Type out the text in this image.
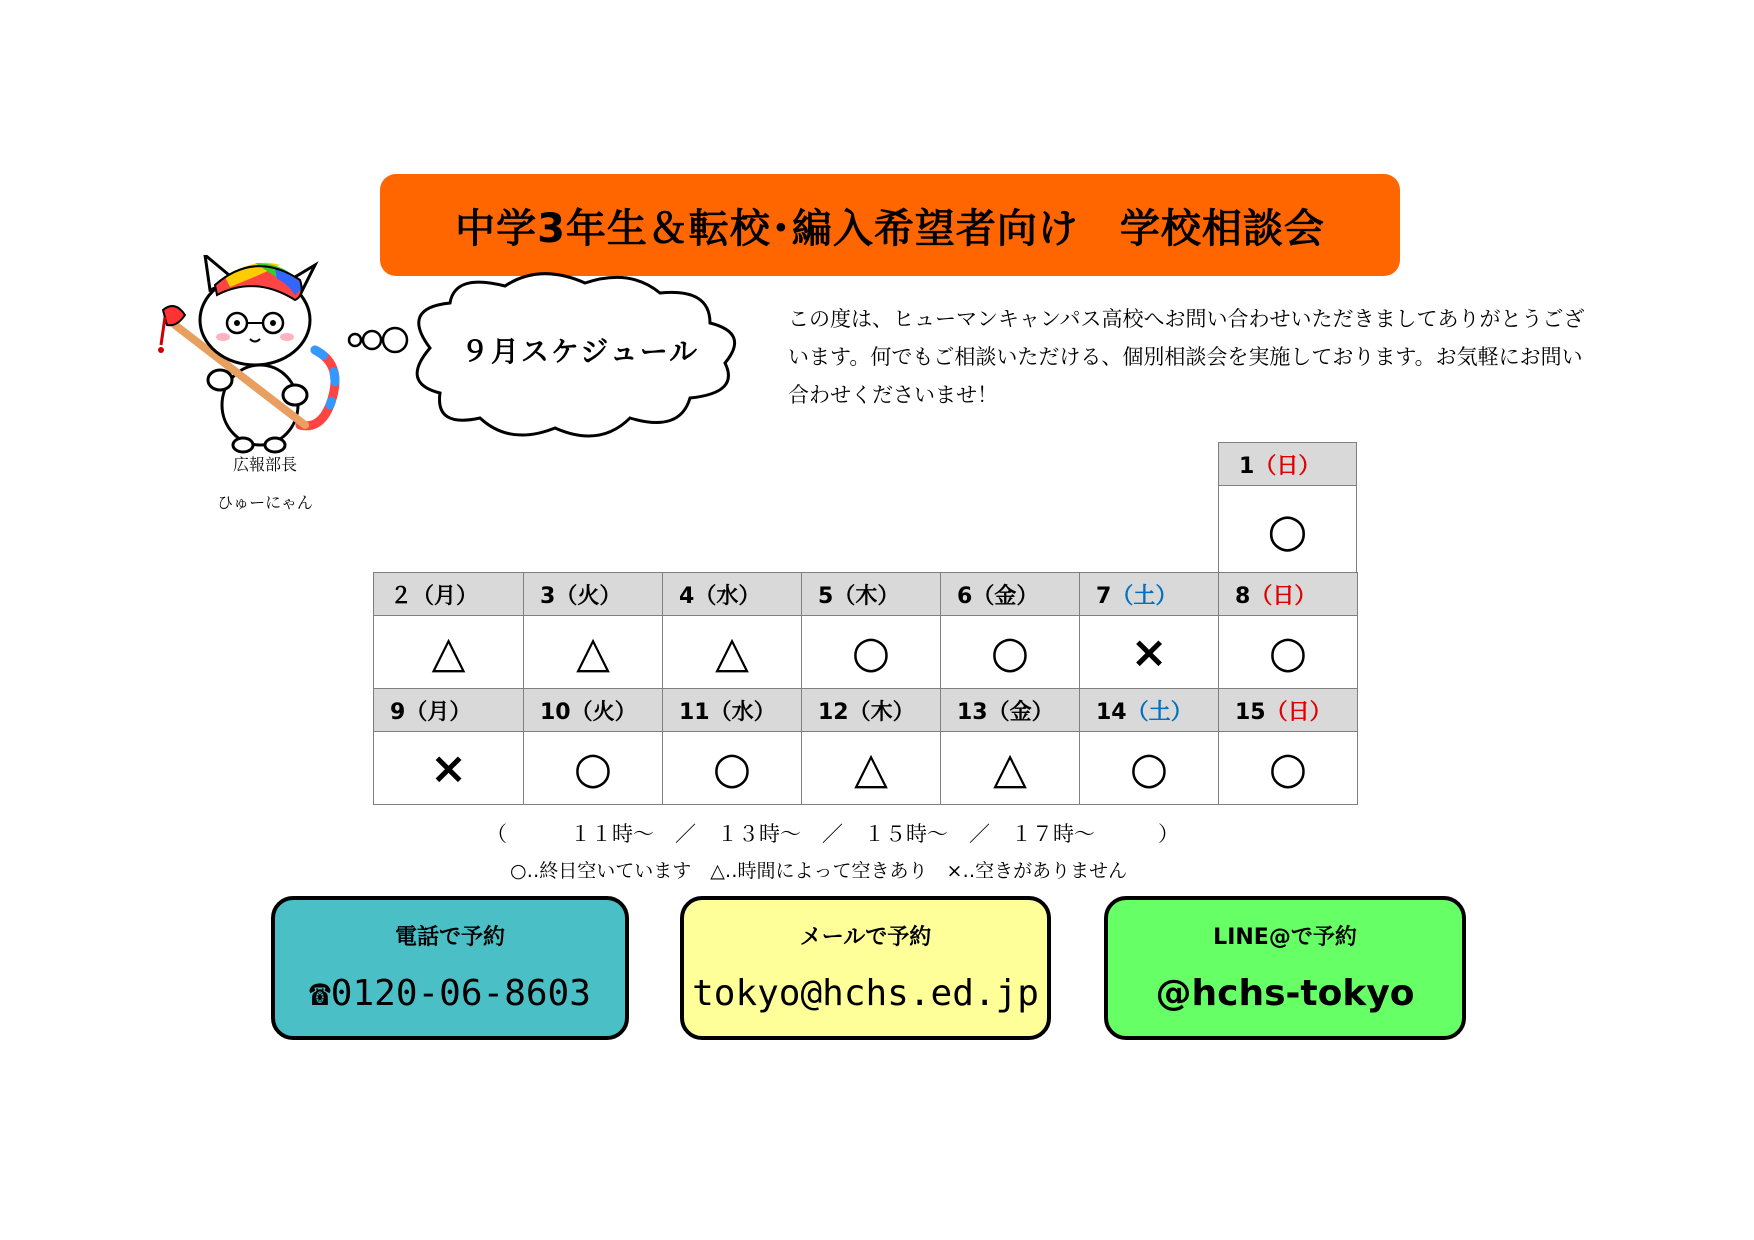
中学3年生＆転校･編入希望者向け　学校相談会
広報部長
ひゅーにゃん
９月スケジュール
この度は、ヒューマンキャンパス高校へお問い合わせいただきましてありがとうございます。何でもご相談いただける、個別相談会を実施しております。お気軽にお問い合わせくださいませ！
1（日）
○
２（月）	3（火）	4（水）	5（木）	6（金）	7（土）	8（日）

△	△	△	○	○	×	○

9（月）	10（火）	11（水）	12（木）	13（金）	14（土）	15（日）

×	○	○	△	△	○	○
（　　　１１時～　／　１３時～　／　１５時～　／　１７時～　　　）
○‥終日空いています　△‥時間によって空きあり　×‥空きがありません
電話で予約
☎0120-06-8603
メールで予約
tokyo@hchs.ed.jp
LINE@で予約
@hchs-tokyo
